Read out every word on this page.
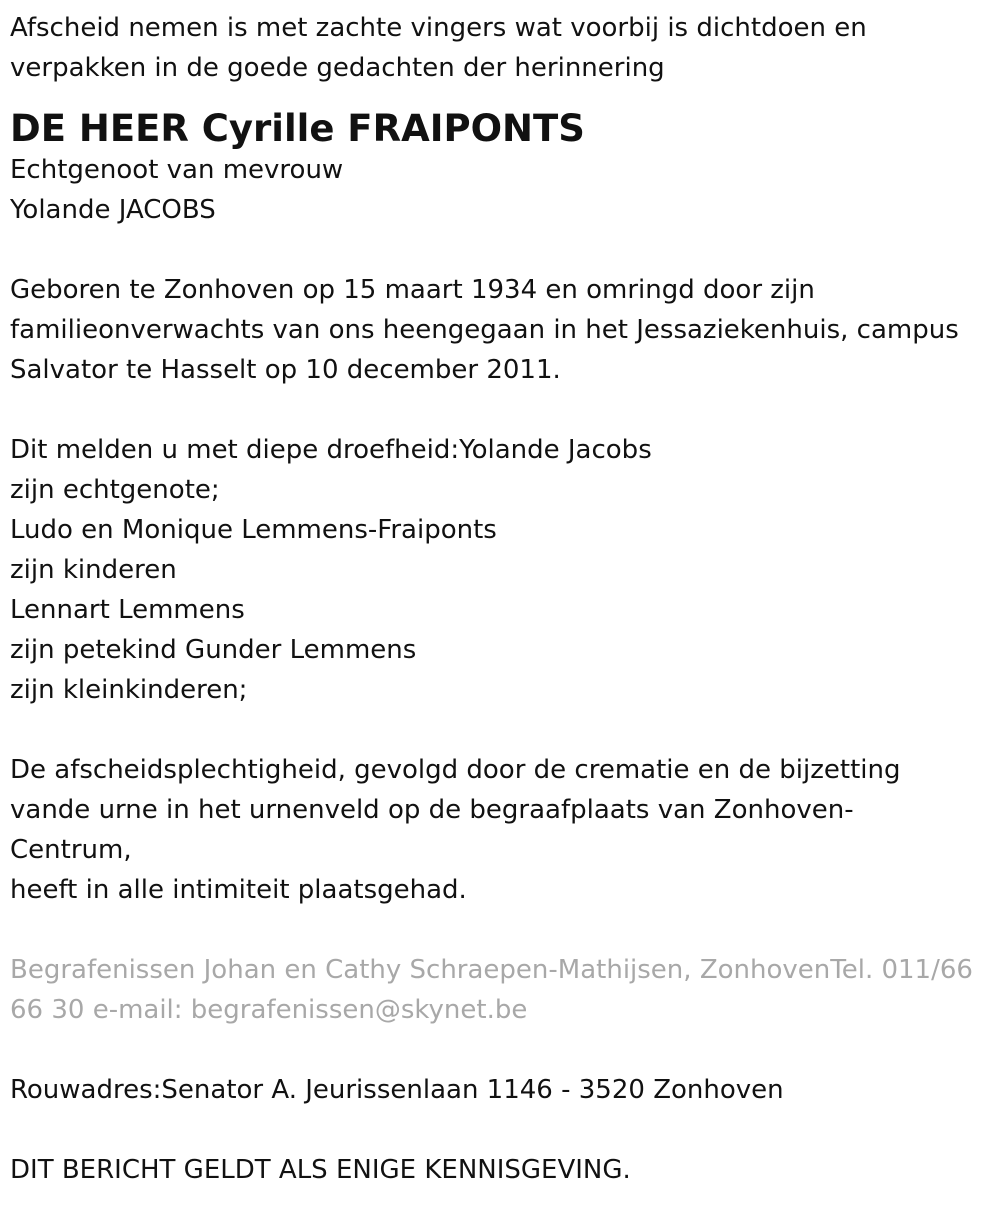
Afscheid nemen is met zachte vingers wat voorbij is dichtdoen en
verpakken in de goede gedachten der herinnering

DE HEER Cyrille FRAIPONTS

Echtgenoot van mevrouw
Yolande JACOBS

Geboren te Zonhoven op 15 maart 1934 en omringd door zijn
familieonverwachts van ons heengegaan in het Jessaziekenhuis, campus
Salvator te Hasselt op 10 december 2011.

Dit melden u met diepe droefheid:Yolande Jacobs
zijn echtgenote;
Ludo en Monique Lemmens-Fraiponts
zijn kinderen
Lennart Lemmens
zijn petekind Gunder Lemmens
zijn kleinkinderen;

De afscheidsplechtigheid, gevolgd door de crematie en de bijzetting
vande urne in het urnenveld op de begraafplaats van Zonhoven-
Centrum,
heeft in alle intimiteit plaatsgehad.

Begrafenissen Johan en Cathy Schraepen-Mathijsen, ZonhovenTel. 011/66
66 30 e-mail: begrafenissen@skynet.be

Rouwadres:Senator A. Jeurissenlaan 1146 - 3520 Zonhoven

DIT BERICHT GELDT ALS ENIGE KENNISGEVING.
